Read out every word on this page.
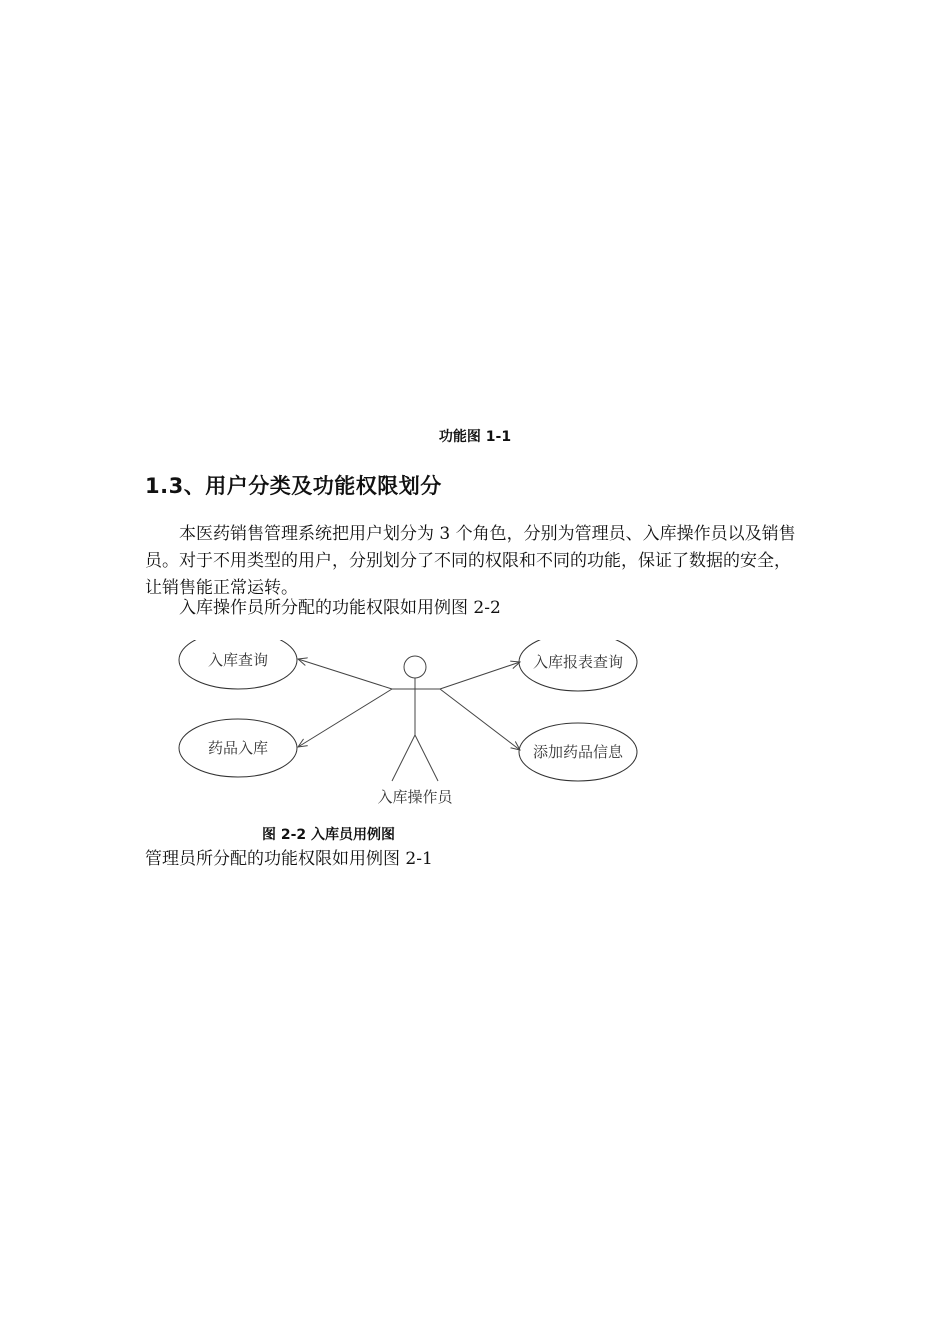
功能图 1-1
1.3、用户分类及功能权限划分
本医药销售管理系统把用户划分为 3 个角色，分别为管理员、入库操作员以及销售员。对于不用类型的用户，分别划分了不同的权限和不同的功能，保证了数据的安全，让销售能正常运转。
入库操作员所分配的功能权限如用例图 2-2
入库查询
药品入库
入库报表查询
添加药品信息
入库操作员
图 2-2 入库员用例图
管理员所分配的功能权限如用例图 2-1
